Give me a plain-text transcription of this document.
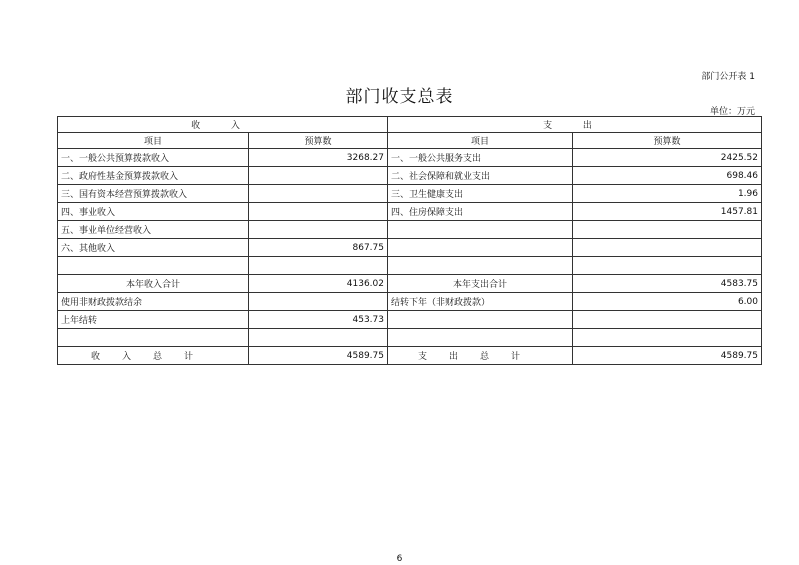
部门公开表 1
部门收支总表
单位：万元
收 入		支 出	
项目	预算数	项目	预算数
一、一般公共预算拨款收入	3268.27	一、一般公共服务支出	2425.52
二、政府性基金预算拨款收入		二、社会保障和就业支出	698.46
三、国有资本经营预算拨款收入		三、卫生健康支出	1.96
四、事业收入		四、住房保障支出	1457.81
五、事业单位经营收入			
六、其他收入	867.75		

本年收入合计	4136.02	本年支出合计	4583.75
使用非财政拨款结余		结转下年（非财政拨款）	6.00
上年结转	453.73		

收入总计	4589.75	支出总计	4589.75
6
